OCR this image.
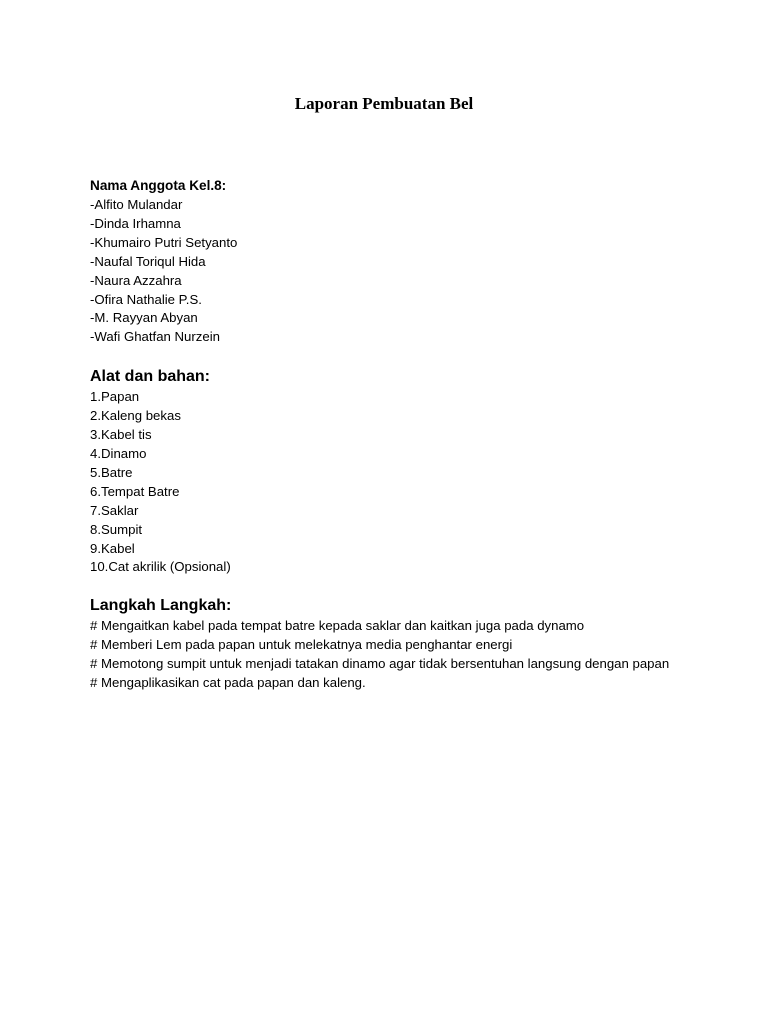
Laporan Pembuatan Bel
Nama Anggota Kel.8:
-Alfito Mulandar
-Dinda Irhamna
-Khumairo Putri Setyanto
-Naufal Toriqul Hida
-Naura Azzahra
-Ofira Nathalie P.S.
-M. Rayyan Abyan
-Wafi Ghatfan Nurzein
Alat dan bahan:
1.Papan
2.Kaleng bekas
3.Kabel tis
4.Dinamo
5.Batre
6.Tempat Batre
7.Saklar
8.Sumpit
9.Kabel
10.Cat akrilik (Opsional)
Langkah Langkah:
# Mengaitkan kabel pada tempat batre kepada saklar dan kaitkan juga pada dynamo
# Memberi Lem pada papan untuk melekatnya media penghantar energi
# Memotong sumpit untuk menjadi tatakan dinamo agar tidak bersentuhan langsung dengan papan
# Mengaplikasikan cat pada papan dan kaleng.
